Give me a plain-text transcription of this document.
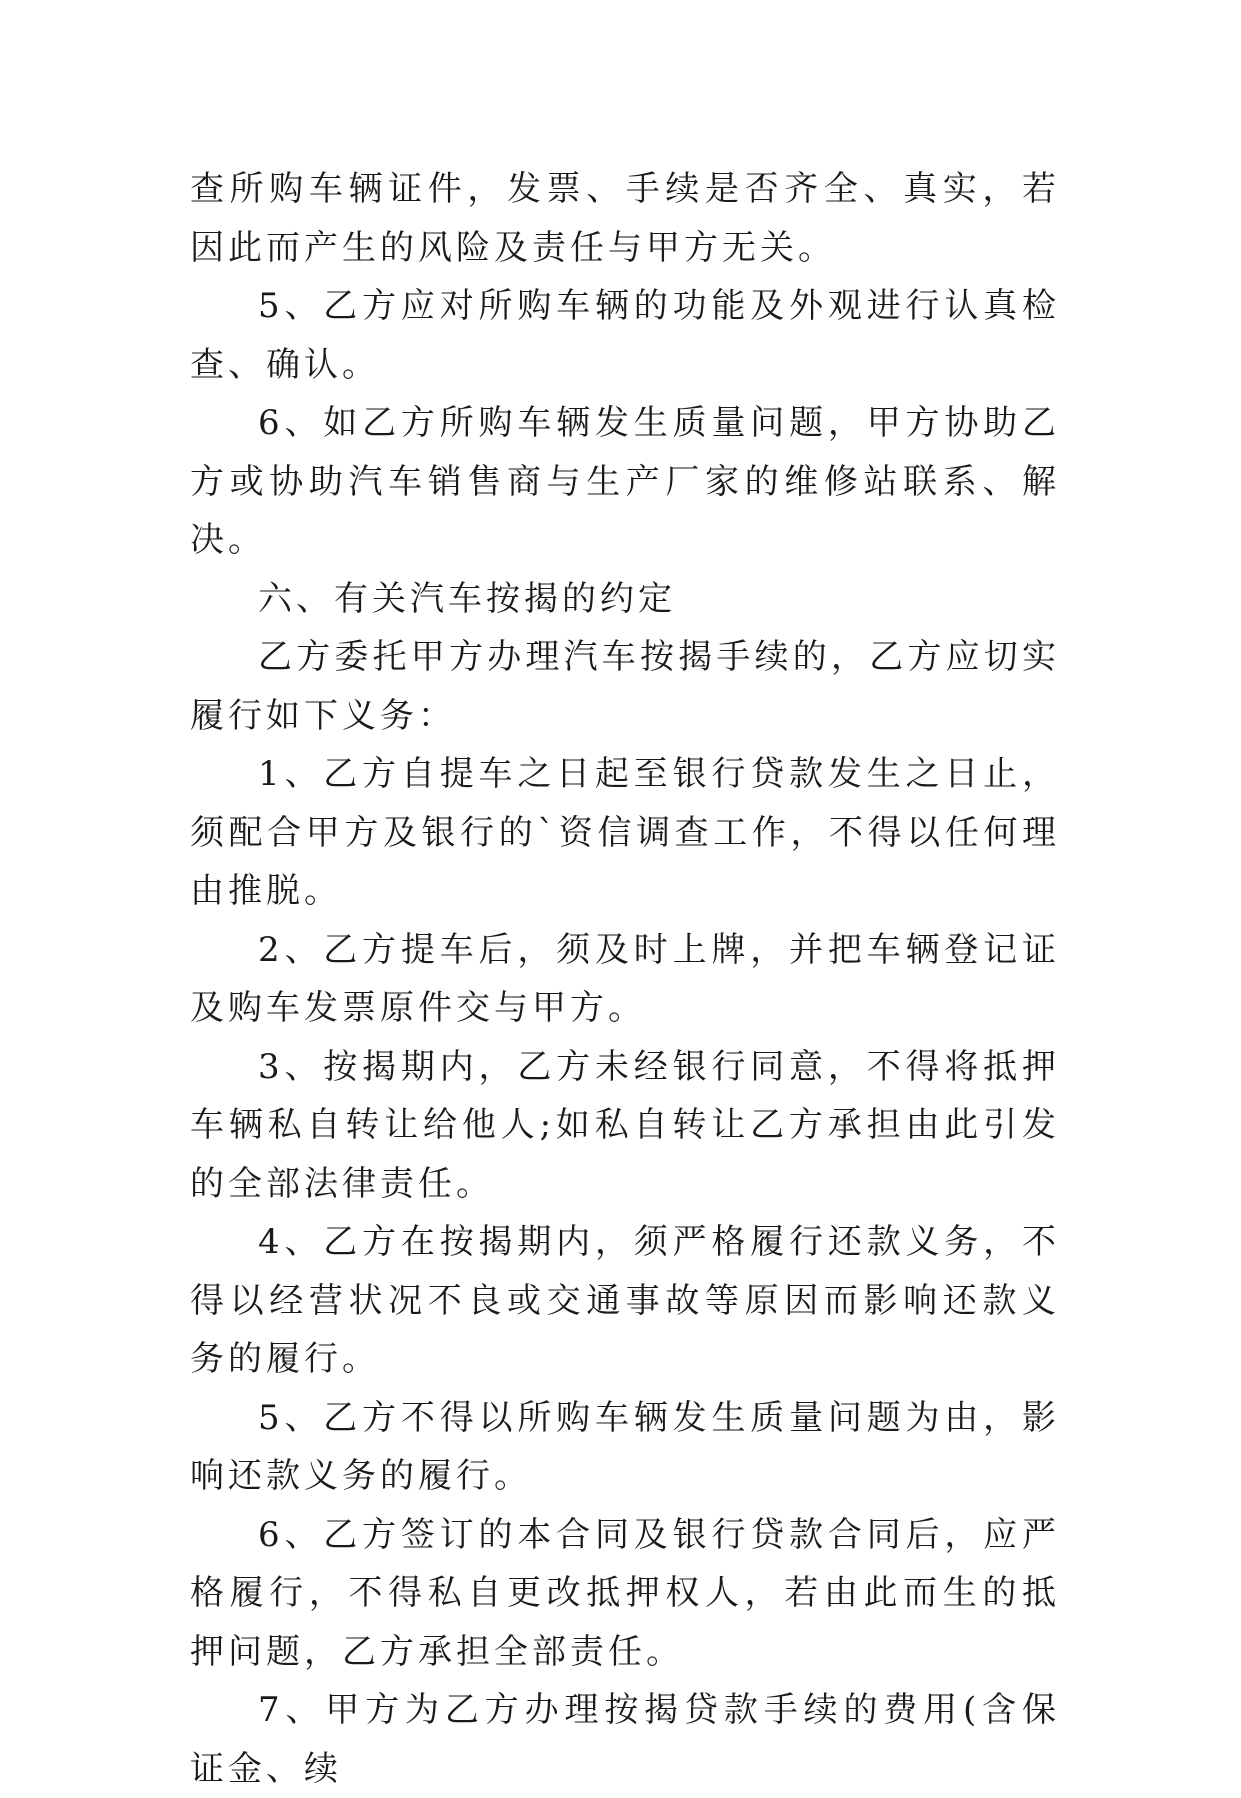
查所购车辆证件，发票、手续是否齐全、真实，若因此而产生的风险及责任与甲方无关。

5、乙方应对所购车辆的功能及外观进行认真检查、确认。

6、如乙方所购车辆发生质量问题，甲方协助乙方或协助汽车销售商与生产厂家的维修站联系、解决。

六、有关汽车按揭的约定

乙方委托甲方办理汽车按揭手续的，乙方应切实履行如下义务：

1、乙方自提车之日起至银行贷款发生之日止，须配合甲方及银行的`资信调查工作，不得以任何理由推脱。

2、乙方提车后，须及时上牌，并把车辆登记证及购车发票原件交与甲方。

3、按揭期内，乙方未经银行同意，不得将抵押车辆私自转让给他人;如私自转让乙方承担由此引发的全部法律责任。

4、乙方在按揭期内，须严格履行还款义务，不得以经营状况不良或交通事故等原因而影响还款义务的履行。

5、乙方不得以所购车辆发生质量问题为由，影响还款义务的履行。

6、乙方签订的本合同及银行贷款合同后，应严格履行，不得私自更改抵押权人，若由此而生的抵押问题，乙方承担全部责任。

7、甲方为乙方办理按揭贷款手续的费用(含保证金、续
